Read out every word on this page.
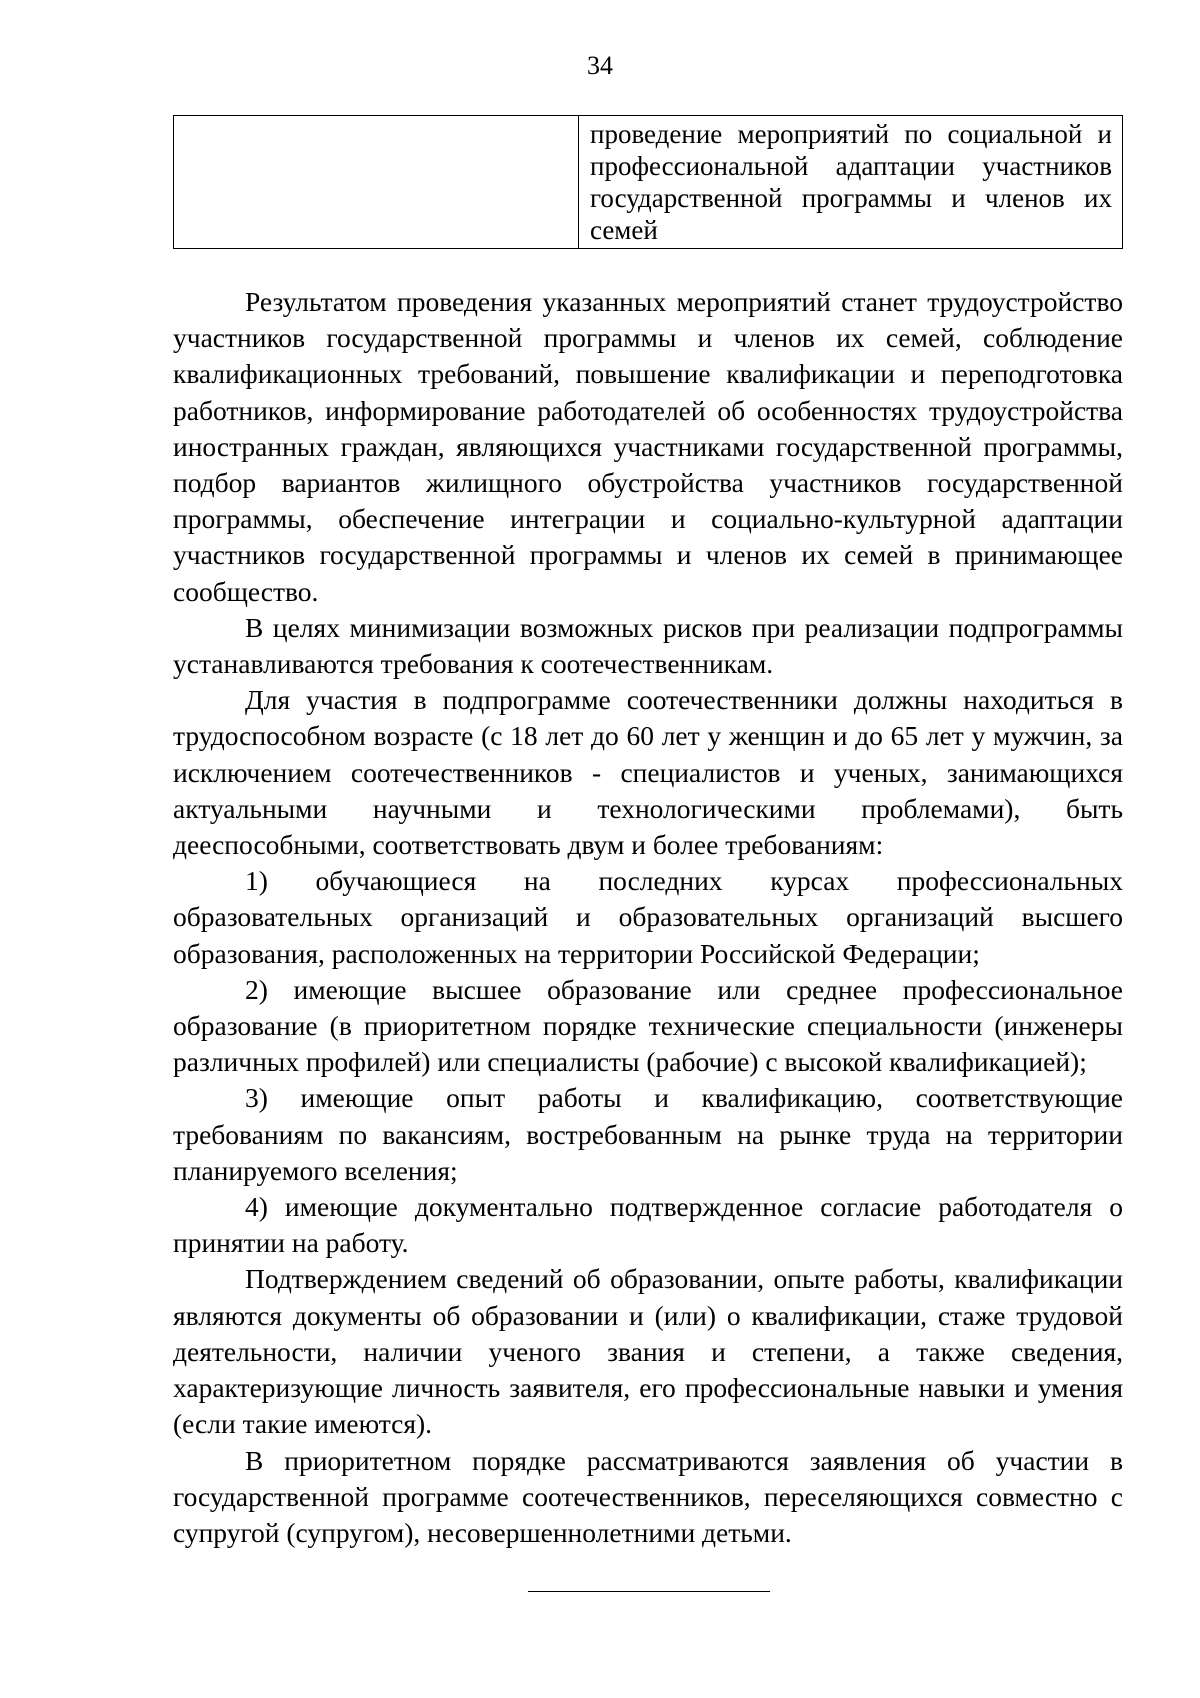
34
	проведение мероприятий по социальной и профессиональной адаптации участников государственной программы и членов их семей

Результатом проведения указанных мероприятий станет трудоустройство участников государственной программы и членов их семей, соблюдение квалификационных требований, повышение квалификации и переподготовка работников, информирование работодателей об особенностях трудоустройства иностранных граждан, являющихся участниками государственной программы, подбор вариантов жилищного обустройства участников государственной программы, обеспечение интеграции и социально-культурной адаптации участников государственной программы и членов их семей в принимающее сообщество.

В целях минимизации возможных рисков при реализации подпрограммы устанавливаются требования к соотечественникам.

Для участия в подпрограмме соотечественники должны находиться в трудоспособном возрасте (с 18 лет до 60 лет у женщин и до 65 лет у мужчин, за исключением соотечественников - специалистов и ученых, занимающихся актуальными научными и технологическими проблемами), быть дееспособными, соответствовать двум и более требованиям:

1) обучающиеся на последних курсах профессиональных образовательных организаций и образовательных организаций высшего образования, расположенных на территории Российской Федерации;

2) имеющие высшее образование или среднее профессиональное образование (в приоритетном порядке технические специальности (инженеры различных профилей) или специалисты (рабочие) с высокой квалификацией);

3) имеющие опыт работы и квалификацию, соответствующие требованиям по вакансиям, востребованным на рынке труда на территории планируемого вселения;

4) имеющие документально подтвержденное согласие работодателя о принятии на работу.

Подтверждением сведений об образовании, опыте работы, квалификации являются документы об образовании и (или) о квалификации, стаже трудовой деятельности, наличии ученого звания и степени, а также сведения, характеризующие личность заявителя, его профессиональные навыки и умения (если такие имеются).

В приоритетном порядке рассматриваются заявления об участии в государственной программе соотечественников, переселяющихся совместно с супругой (супругом), несовершеннолетними детьми.
